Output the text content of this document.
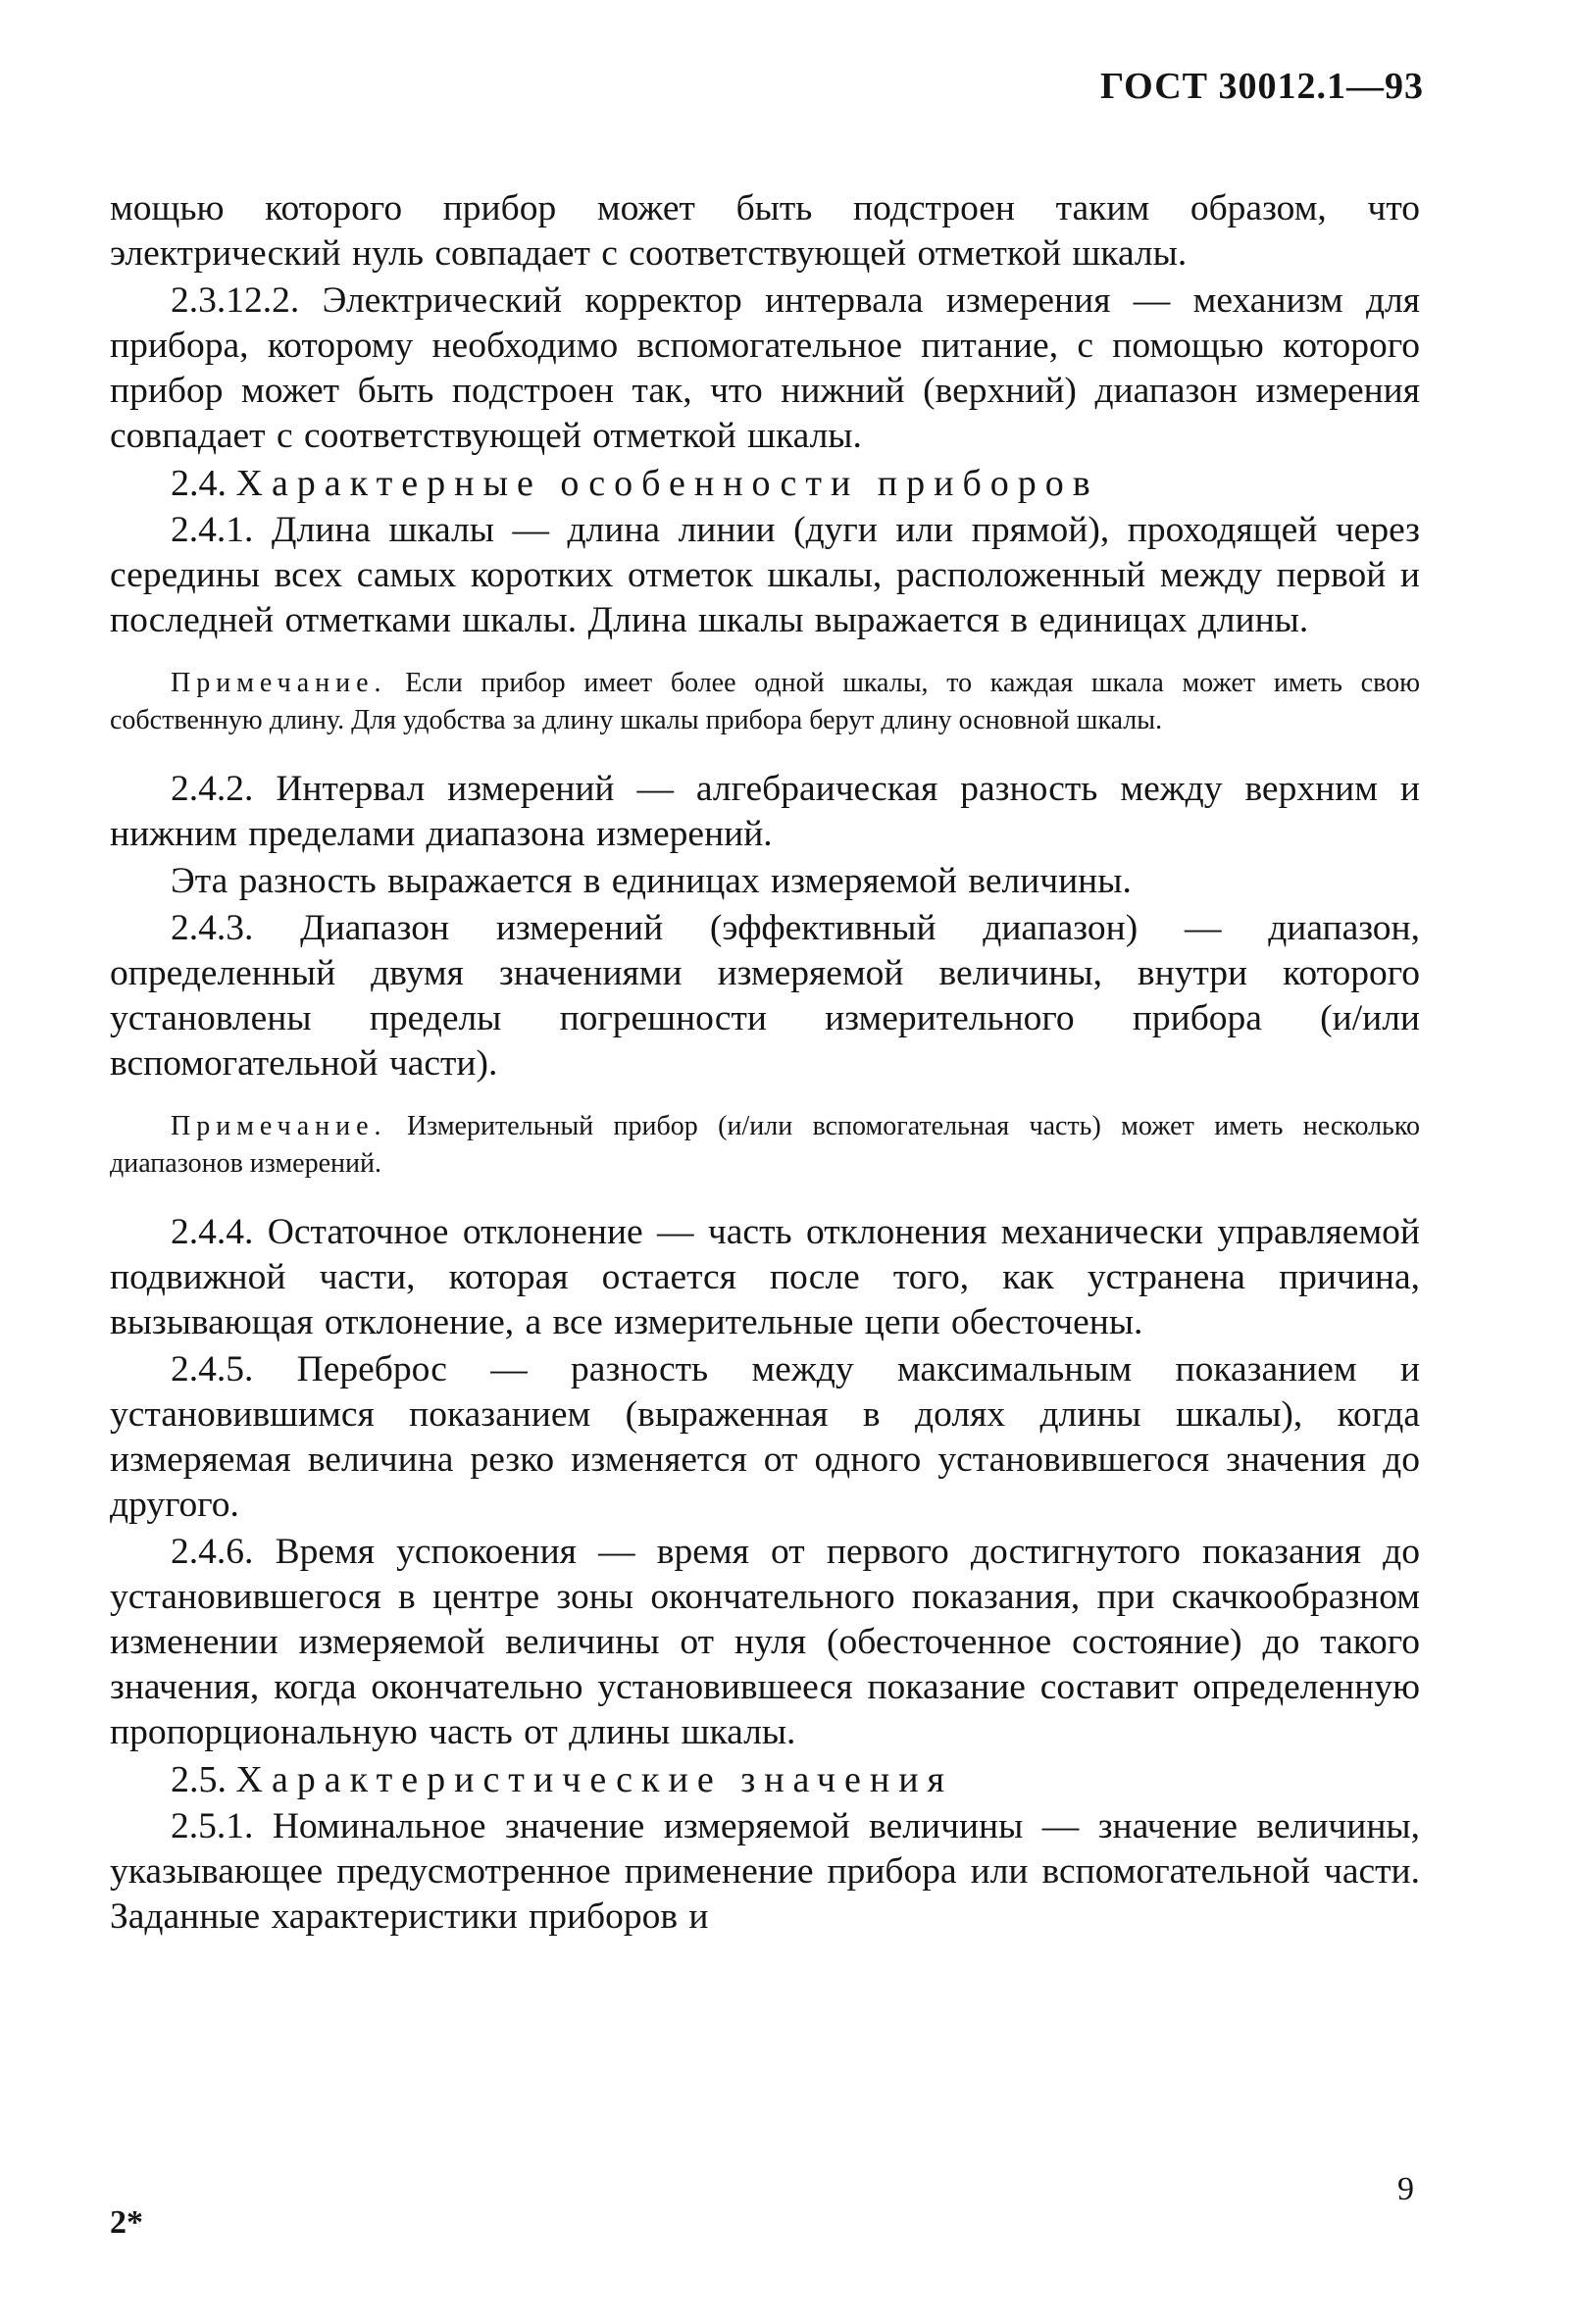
ГОСТ 30012.1—93

мощью которого прибор может быть подстроен таким образом, что электрический нуль совпадает с соответствующей отметкой шкалы.

2.3.12.2. Электрический корректор интервала измерения — механизм для прибора, которому необходимо вспомогательное питание, с помощью которого прибор может быть подстроен так, что нижний (верхний) диапазон измерения совпадает с соответствующей отметкой шкалы.

2.4. Характерные особенности приборов

2.4.1. Длина шкалы — длина линии (дуги или прямой), проходящей через середины всех самых коротких отметок шкалы, расположенный между первой и последней отметками шкалы. Длина шкалы выражается в единицах длины.

Примечание. Если прибор имеет более одной шкалы, то каждая шкала может иметь свою собственную длину. Для удобства за длину шкалы прибора берут длину основной шкалы.

2.4.2. Интервал измерений — алгебраическая разность между верхним и нижним пределами диапазона измерений.

Эта разность выражается в единицах измеряемой величины.

2.4.3. Диапазон измерений (эффективный диапазон) — диапазон, определенный двумя значениями измеряемой величины, внутри которого установлены пределы погрешности измерительного прибора (и/или вспомогательной части).

Примечание. Измерительный прибор (и/или вспомогательная часть) может иметь несколько диапазонов измерений.

2.4.4. Остаточное отклонение — часть отклонения механически управляемой подвижной части, которая остается после того, как устранена причина, вызывающая отклонение, а все измерительные цепи обесточены.

2.4.5. Переброс — разность между максимальным показанием и установившимся показанием (выраженная в долях длины шкалы), когда измеряемая величина резко изменяется от одного установившегося значения до другого.

2.4.6. Время успокоения — время от первого достигнутого показания до установившегося в центре зоны окончательного показания, при скачкообразном изменении измеряемой величины от нуля (обесточенное состояние) до такого значения, когда окончательно установившееся показание составит определенную пропорциональную часть от длины шкалы.

2.5. Характеристические значения

2.5.1. Номинальное значение измеряемой величины — значение величины, указывающее предусмотренное применение прибора или вспомогательной части. Заданные характеристики приборов и

2*
9
